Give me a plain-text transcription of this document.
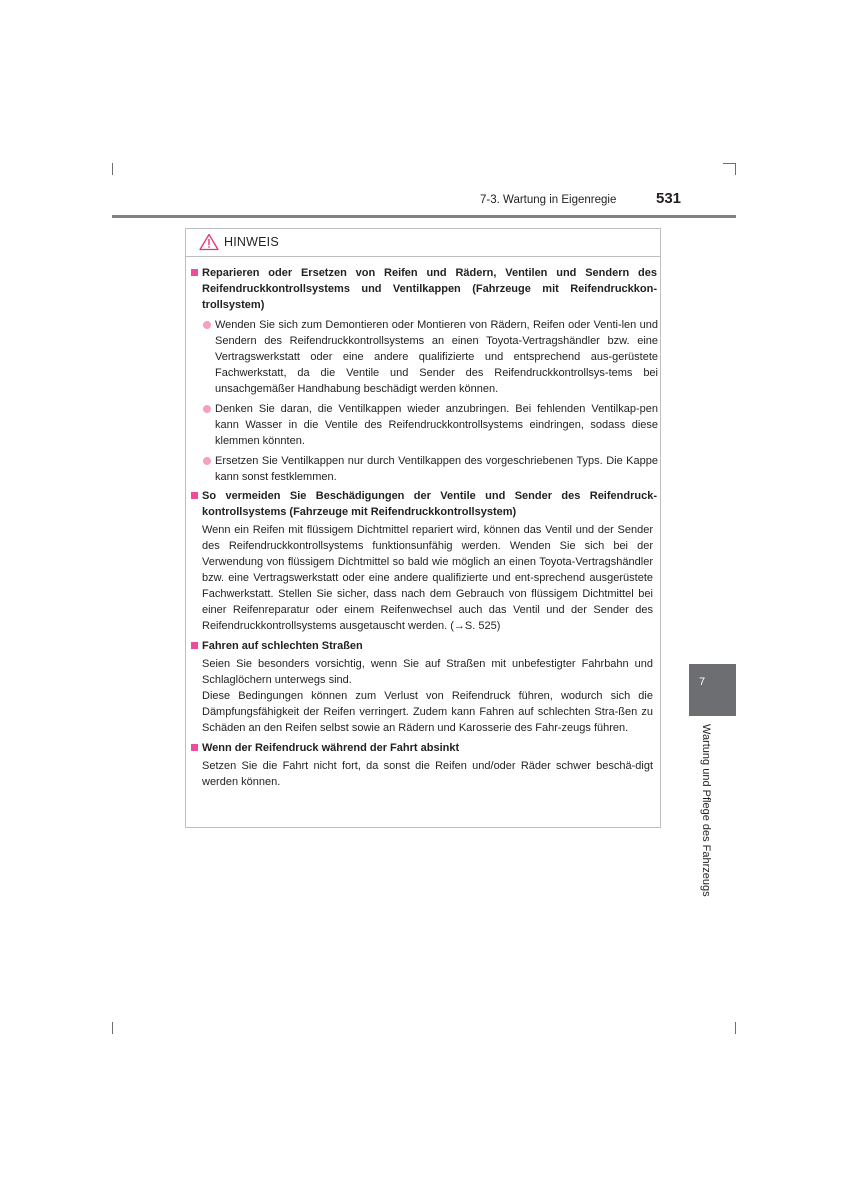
7-3. Wartung in Eigenregie	531
HINWEIS
Reparieren oder Ersetzen von Reifen und Rädern, Ventilen und Sendern des Reifendruckkontrollsystems und Ventilkappen (Fahrzeuge mit Reifendruckkon-trollsystem)
Wenden Sie sich zum Demontieren oder Montieren von Rädern, Reifen oder Venti-len und Sendern des Reifendruckkontrollsystems an einen Toyota-Vertragshändler bzw. eine Vertragswerkstatt oder eine andere qualifizierte und entsprechend aus-gerüstete Fachwerkstatt, da die Ventile und Sender des Reifendruckkontrollsys-tems bei unsachgemäßer Handhabung beschädigt werden können.
Denken Sie daran, die Ventilkappen wieder anzubringen. Bei fehlenden Ventilkap-pen kann Wasser in die Ventile des Reifendruckkontrollsystems eindringen, sodass diese klemmen könnten.
Ersetzen Sie Ventilkappen nur durch Ventilkappen des vorgeschriebenen Typs. Die Kappe kann sonst festklemmen.
So vermeiden Sie Beschädigungen der Ventile und Sender des Reifendruck-kontrollsystems (Fahrzeuge mit Reifendruckkontrollsystem)
Wenn ein Reifen mit flüssigem Dichtmittel repariert wird, können das Ventil und der Sender des Reifendruckkontrollsystems funktionsunfähig werden. Wenden Sie sich bei der Verwendung von flüssigem Dichtmittel so bald wie möglich an einen Toyota-Vertragshändler bzw. eine Vertragswerkstatt oder eine andere qualifizierte und ent-sprechend ausgerüstete Fachwerkstatt. Stellen Sie sicher, dass nach dem Gebrauch von flüssigem Dichtmittel bei einer Reifenreparatur oder einem Reifenwechsel auch das Ventil und der Sender des Reifendruckkontrollsystems ausgetauscht werden. (→S. 525)
Fahren auf schlechten Straßen
Seien Sie besonders vorsichtig, wenn Sie auf Straßen mit unbefestigter Fahrbahn und Schlaglöchern unterwegs sind.
Diese Bedingungen können zum Verlust von Reifendruck führen, wodurch sich die Dämpfungsfähigkeit der Reifen verringert. Zudem kann Fahren auf schlechten Stra-ßen zu Schäden an den Reifen selbst sowie an Rädern und Karosserie des Fahr-zeugs führen.
Wenn der Reifendruck während der Fahrt absinkt
Setzen Sie die Fahrt nicht fort, da sonst die Reifen und/oder Räder schwer beschä-digt werden können.
7
Wartung und Pflege des Fahrzeugs
